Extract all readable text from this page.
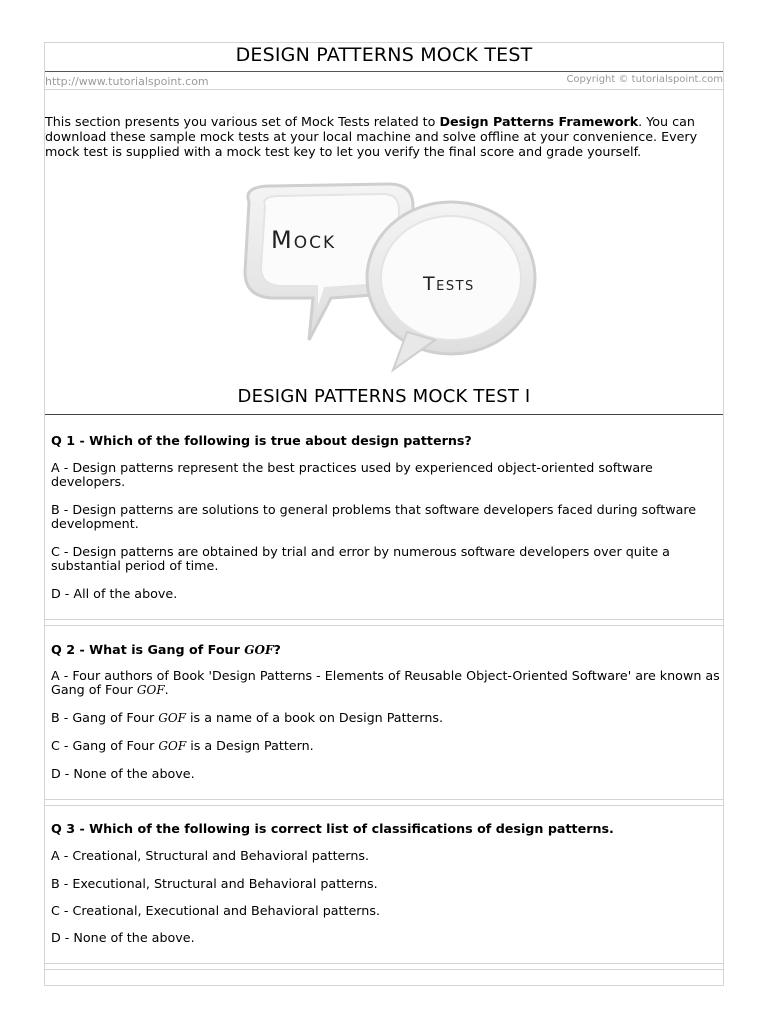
DESIGN PATTERNS MOCK TEST
http://www.tutorialspoint.com	Copyright © tutorialspoint.com
This section presents you various set of Mock Tests related to Design Patterns Framework. You can download these sample mock tests at your local machine and solve offline at your convenience. Every mock test is supplied with a mock test key to let you verify the final score and grade yourself.
Mock
Tests
DESIGN PATTERNS MOCK TEST I
Q 1 - Which of the following is true about design patterns?
A - Design patterns represent the best practices used by experienced object-oriented software developers.
B - Design patterns are solutions to general problems that software developers faced during software development.
C - Design patterns are obtained by trial and error by numerous software developers over quite a substantial period of time.
D - All of the above.
Q 2 - What is Gang of Four GOF?
A - Four authors of Book 'Design Patterns - Elements of Reusable Object-Oriented Software' are known as Gang of Four GOF.
B - Gang of Four GOF is a name of a book on Design Patterns.
C - Gang of Four GOF is a Design Pattern.
D - None of the above.
Q 3 - Which of the following is correct list of classifications of design patterns.
A - Creational, Structural and Behavioral patterns.
B - Executional, Structural and Behavioral patterns.
C - Creational, Executional and Behavioral patterns.
D - None of the above.
